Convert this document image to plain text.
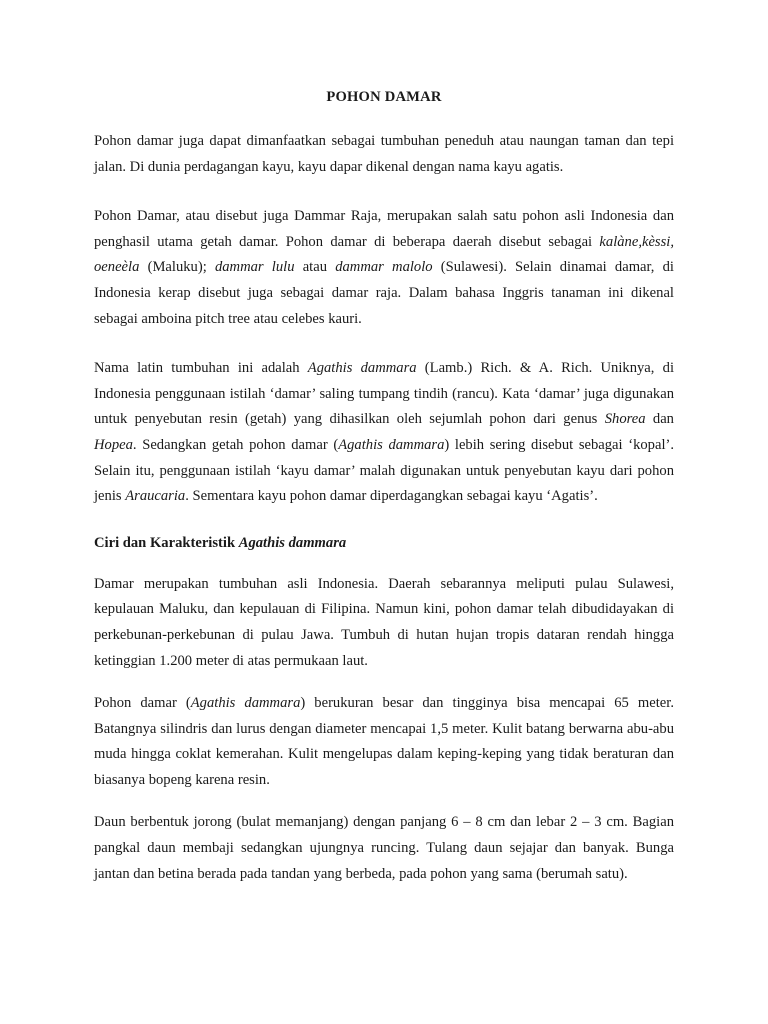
POHON DAMAR

Pohon damar juga dapat dimanfaatkan sebagai tumbuhan peneduh atau naungan taman dan tepi jalan. Di dunia perdagangan kayu, kayu dapar dikenal dengan nama kayu agatis.

Pohon Damar, atau disebut juga Dammar Raja, merupakan salah satu pohon asli Indonesia dan penghasil utama getah damar. Pohon damar di beberapa daerah disebut sebagai kalàne,kèssi, oeneèla (Maluku); dammar lulu atau dammar malolo (Sulawesi). Selain dinamai damar, di Indonesia kerap disebut juga sebagai damar raja. Dalam bahasa Inggris tanaman ini dikenal sebagai amboina pitch tree atau celebes kauri.

Nama latin tumbuhan ini adalah Agathis dammara (Lamb.) Rich. & A. Rich. Uniknya, di Indonesia penggunaan istilah ‘damar’ saling tumpang tindih (rancu). Kata ‘damar’ juga digunakan untuk penyebutan resin (getah) yang dihasilkan oleh sejumlah pohon dari genus Shorea dan Hopea. Sedangkan getah pohon damar (Agathis dammara) lebih sering disebut sebagai ‘kopal’. Selain itu, penggunaan istilah ‘kayu damar’ malah digunakan untuk penyebutan kayu dari pohon jenis Araucaria. Sementara kayu pohon damar diperdagangkan sebagai kayu ‘Agatis’.

Ciri dan Karakteristik Agathis dammara

Damar merupakan tumbuhan asli Indonesia. Daerah sebarannya meliputi pulau Sulawesi, kepulauan Maluku, dan kepulauan di Filipina. Namun kini, pohon damar telah dibudidayakan di perkebunan-perkebunan di pulau Jawa. Tumbuh di hutan hujan tropis dataran rendah hingga ketinggian 1.200 meter di atas permukaan laut.

Pohon damar (Agathis dammara) berukuran besar dan tingginya bisa mencapai 65 meter. Batangnya silindris dan lurus dengan diameter mencapai 1,5 meter. Kulit batang berwarna abu-abu muda hingga coklat kemerahan. Kulit mengelupas dalam keping-keping yang tidak beraturan dan biasanya bopeng karena resin.

Daun berbentuk jorong (bulat memanjang) dengan panjang 6 – 8 cm dan lebar 2 – 3 cm. Bagian pangkal daun membaji sedangkan ujungnya runcing. Tulang daun sejajar dan banyak. Bunga jantan dan betina berada pada tandan yang berbeda, pada pohon yang sama (berumah satu).
